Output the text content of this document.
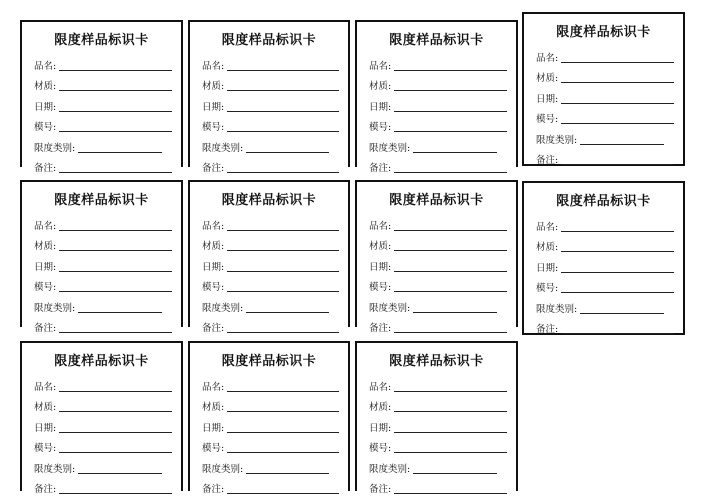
限度样品标识卡
品名:
材质:
日期:
模号:
限度类别:
备注:
限度样品标识卡
品名:
材质:
日期:
模号:
限度类别:
备注:
限度样品标识卡
品名:
材质:
日期:
模号:
限度类别:
备注:
限度样品标识卡
品名:
材质:
日期:
模号:
限度类别:
备注:
限度样品标识卡
品名:
材质:
日期:
模号:
限度类别:
备注:
限度样品标识卡
品名:
材质:
日期:
模号:
限度类别:
备注:
限度样品标识卡
品名:
材质:
日期:
模号:
限度类别:
备注:
限度样品标识卡
品名:
材质:
日期:
模号:
限度类别:
备注:
限度样品标识卡
品名:
材质:
日期:
模号:
限度类别:
备注:
限度样品标识卡
品名:
材质:
日期:
模号:
限度类别:
备注:
限度样品标识卡
品名:
材质:
日期:
模号:
限度类别:
备注:
